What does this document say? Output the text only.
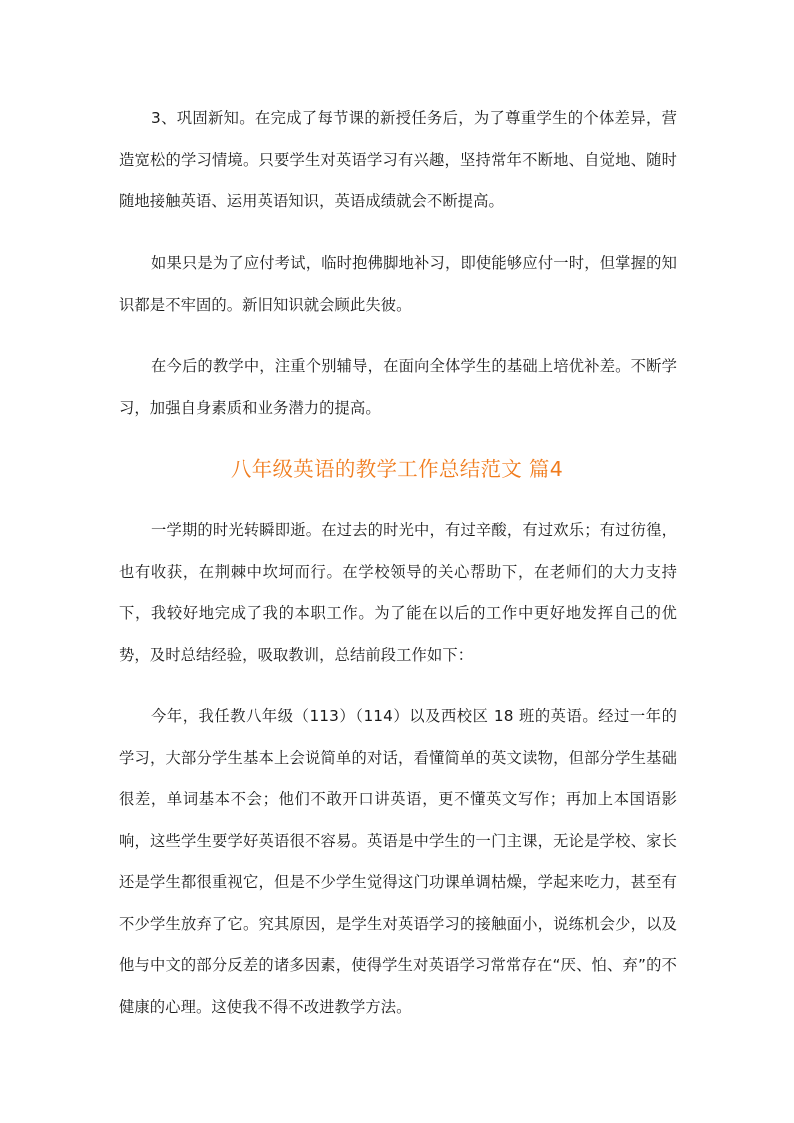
3、巩固新知。在完成了每节课的新授任务后，为了尊重学生的个体差异，营造宽松的学习情境。只要学生对英语学习有兴趣，坚持常年不断地、自觉地、随时随地接触英语、运用英语知识，英语成绩就会不断提高。

如果只是为了应付考试，临时抱佛脚地补习，即使能够应付一时，但掌握的知识都是不牢固的。新旧知识就会顾此失彼。

在今后的教学中，注重个别辅导，在面向全体学生的基础上培优补差。不断学习，加强自身素质和业务潜力的提高。

八年级英语的教学工作总结范文 篇4

一学期的时光转瞬即逝。在过去的时光中，有过辛酸，有过欢乐；有过彷徨，也有收获，在荆棘中坎坷而行。在学校领导的关心帮助下，在老师们的大力支持下，我较好地完成了我的本职工作。为了能在以后的工作中更好地发挥自己的优势，及时总结经验，吸取教训，总结前段工作如下：

今年，我任教八年级（113）（114）以及西校区 18 班的英语。经过一年的学习，大部分学生基本上会说简单的对话，看懂简单的英文读物，但部分学生基础很差，单词基本不会；他们不敢开口讲英语，更不懂英文写作；再加上本国语影响，这些学生要学好英语很不容易。英语是中学生的一门主课，无论是学校、家长还是学生都很重视它，但是不少学生觉得这门功课单调枯燥，学起来吃力，甚至有不少学生放弃了它。究其原因，是学生对英语学习的接触面小，说练机会少，以及他与中文的部分反差的诸多因素，使得学生对英语学习常常存在“厌、怕、弃”的不健康的心理。这使我不得不改进教学方法。
